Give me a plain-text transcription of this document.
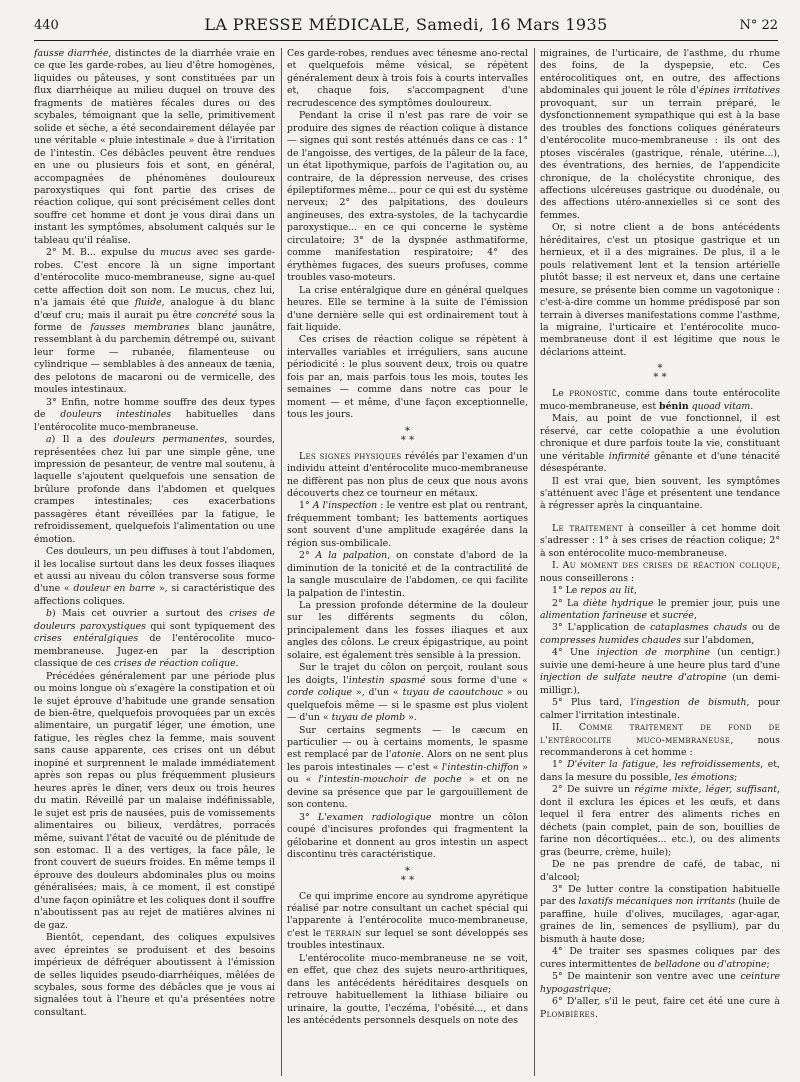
440	LA PRESSE MÉDICALE, Samedi, 16 Mars 1935	N° 22

fausse diarrhée, distinctes de la diarrhée vraie en ce que les garde-robes, au lieu d'être homogènes, liquides ou pâteuses, y sont constituées par un flux diarrhéique au milieu duquel on trouve des fragments de matières fécales dures ou des scybales, témoignant que la selle, primitivement solide et sèche, a été secondairement délayée par une véritable « pluie intestinale » due à l'irritation de l'intestin. Ces débâcles peuvent être rendues en une ou plusieurs fois et sont, en général, accompagnées de phénomènes douloureux paroxystiques qui font partie des crises de réaction colique, qui sont précisément celles dont souffre cet homme et dont je vous dirai dans un instant les symptômes, absolument calqués sur le tableau qu'il réalise.

2° M. B... expulse du mucus avec ses garde-robes. C'est encore là un signe important d'entérocolite muco-membraneuse, signe au-quel cette affection doit son nom. Le mucus, chez lui, n'a jamais été que fluide, analogue à du blanc d'œuf cru; mais il aurait pu être concrété sous la forme de fausses membranes blanc jaunâtre, ressemblant à du parchemin détrempé ou, suivant leur forme — rubanée, filamenteuse ou cylindrique — semblables à des anneaux de tænia, des pelotons de macaroni ou de vermicelle, des moules intestinaux.

3° Enfin, notre homme souffre des deux types de douleurs intestinales habituelles dans l'entérocolite muco-membraneuse.

a) Il a des douleurs permanentes, sourdes, représentées chez lui par une simple gêne, une impression de pesanteur, de ventre mal soutenu, à laquelle s'ajoutent quelquefois une sensation de brûlure profonde dans l'abdomen et quelques crampes intestinales; ces exacerbations passagères étant réveillées par la fatigue, le refroidissement, quelquefois l'alimentation ou une émotion.

Ces douleurs, un peu diffuses à tout l'abdomen, il les localise surtout dans les deux fosses iliaques et aussi au niveau du côlon transverse sous forme d'une « douleur en barre », si caractéristique des affections coliques.

b) Mais cet ouvrier a surtout des crises de douleurs paroxystiques qui sont typiquement des crises entéralgiques de l'entérocolite muco-membraneuse. Jugez-en par la description classique de ces crises de réaction colique.

Précédées généralement par une période plus ou moins longue où s'exagère la constipation et où le sujet éprouve d'habitude une grande sensation de bien-être, quelquefois provoquées par un excès alimentaire, un purgatif léger, une émotion, une fatigue, les règles chez la femme, mais souvent sans cause apparente, ces crises ont un début inopiné et surprennent le malade immédiatement après son repas ou plus fréquemment plusieurs heures après le dîner, vers deux ou trois heures du matin. Réveillé par un malaise indéfinissable, le sujet est pris de nausées, puis de vomissements alimentaires ou bilieux, verdâtres, porracés même, suivant l'état de vacuité ou de plénitude de son estomac. Il a des vertiges, la face pâle, le front couvert de sueurs froides. En même temps il éprouve des douleurs abdominales plus ou moins généralisées; mais, à ce moment, il est constipé d'une façon opiniâtre et les coliques dont il souffre n'aboutissent pas au rejet de matières alvines ni de gaz.

Bientôt, cependant, des coliques expulsives avec épreintes se produisent et des besoins impérieux de défréquer aboutissent à l'émission de selles liquides pseudo-diarrhéiques, mêlées de scybales, sous forme des débâcles que je vous ai signalées tout à l'heure et qu'a présentées notre consultant.

Ces garde-robes, rendues avec ténesme ano-rectal et quelquefois même vésical, se répètent généralement deux à trois fois à courts intervalles et, chaque fois, s'accompagnent d'une recrudescence des symptômes douloureux.

Pendant la crise il n'est pas rare de voir se produire des signes de réaction colique à distance — signes qui sont restés atténués dans ce cas : 1° de l'angoisse, des vertiges, de la pâleur de la face, un état lipothymique, parfois de l'agitation ou, au contraire, de la dépression nerveuse, des crises épileptiformes même... pour ce qui est du système nerveux; 2° des palpitations, des douleurs angineuses, des extra-systoles, de la tachycardie paroxystique... en ce qui concerne le système circulatoire; 3° de la dyspnée asthmatiforme, comme manifestation respiratoire; 4° des érythèmes fugaces, des sueurs profuses, comme troubles vaso-moteurs.

La crise entéralgique dure en général quelques heures. Elle se termine à la suite de l'émission d'une dernière selle qui est ordinairement tout à fait liquide.

Ces crises de réaction colique se répètent à intervalles variables et irréguliers, sans aucune périodicité : le plus souvent deux, trois ou quatre fois par an, mais parfois tous les mois, toutes les semaines — comme dans notre cas pour le moment — et même, d'une façon exceptionnelle, tous les jours.

*
* *

Les signes physiques révélés par l'examen d'un individu atteint d'entérocolite muco-membraneuse ne diffèrent pas non plus de ceux que nous avons découverts chez ce tourneur en métaux.

1° A l'inspection : le ventre est plat ou rentrant, fréquemment tombant; les battements aortiques sont souvent d'une amplitude exagérée dans la région sus-ombilicale.

2° A la palpation, on constate d'abord de la diminution de la tonicité et de la contractilité de la sangle musculaire de l'abdomen, ce qui facilite la palpation de l'intestin.

La pression profonde détermine de la douleur sur les différents segments du côlon, principalement dans les fosses iliaques et aux angles des côlons. Le creux épigastrique, au point solaire, est également très sensible à la pression.

Sur le trajet du côlon on perçoit, roulant sous les doigts, l'intestin spasmé sous forme d'une « corde colique », d'un « tuyau de caoutchouc » ou quelquefois même — si le spasme est plus violent — d'un « tuyau de plomb ».

Sur certains segments — le cæcum en particulier — ou à certains moments, le spasme est remplacé par de l'atonie. Alors on ne sent plus les parois intestinales — c'est « l'intestin-chiffon » ou « l'intestin-mouchoir de poche » et on ne devine sa présence que par le gargouillement de son contenu.

3° L'examen radiologique montre un côlon coupé d'incisures profondes qui fragmentent la gélobarine et donnent au gros intestin un aspect discontinu très caractéristique.

*
* *

Ce qui imprime encore au syndrome apyrétique réalisé par notre consultant un cachet spécial qui l'apparente à l'entérocolite muco-membraneuse, c'est le terrain sur lequel se sont développés ses troubles intestinaux.

L'entérocolite muco-membraneuse ne se voit, en effet, que chez des sujets neuro-arthritiques, dans les antécédents héréditaires desquels on retrouve habituellement la lithiase biliaire ou urinaire, la goutte, l'eczéma, l'obésité..., et dans les antécédents personnels desquels on note des

migraines, de l'urticaire, de l'asthme, du rhume des foins, de la dyspepsie, etc. Ces entérocolitiques ont, en outre, des affections abdominales qui jouent le rôle d'épines irritatives provoquant, sur un terrain préparé, le dysfonctionnement sympathique qui est à la base des troubles des fonctions coliques générateurs d'entérocolite muco-membraneuse : ils ont des ptoses viscérales (gastrique, rénale, utérine...), des éventrations, des hernies, de l'appendicite chronique, de la cholécystite chronique, des affections ulcéreuses gastrique ou duodénale, ou des affections utéro-annexielles si ce sont des femmes.

Or, si notre client a de bons antécédents héréditaires, c'est un ptosique gastrique et un hernieux, et il a des migraines. De plus, il a le pouls relativement lent et la tension artérielle plutôt basse; il est nerveux et, dans une certaine mesure, se présente bien comme un vagotonique : c'est-à-dire comme un homme prédisposé par son terrain à diverses manifestations comme l'asthme, la migraine, l'urticaire et l'entérocolite muco-membraneuse dont il est légitime que nous le déclarions atteint.

*
* *

Le pronostic, comme dans toute entérocolite muco-membraneuse, est bénin quoad vitam.

Mais, au point de vue fonctionnel, il est réservé, car cette colopathie a une évolution chronique et dure parfois toute la vie, constituant une véritable infirmité gênante et d'une ténacité désespérante.

Il est vrai que, bien souvent, les symptômes s'atténuent avec l'âge et présentent une tendance à régresser après la cinquantaine.

Le traitement à conseiller à cet homme doit s'adresser : 1° à ses crises de réaction colique; 2° à son entérocolite muco-membraneuse.

I. Au moment des crises de réaction colique, nous conseillerons :

1° Le repos au lit,

2° La diète hydrique le premier jour, puis une alimentation farineuse et sucrée,

3° L'application de cataplasmes chauds ou de compresses humides chaudes sur l'abdomen,

4° Une injection de morphine (un centigr.) suivie une demi-heure à une heure plus tard d'une injection de sulfate neutre d'atropine (un demi-milligr.),

5° Plus tard, l'ingestion de bismuth, pour calmer l'irritation intestinale.

II. Comme traitement de fond de l'entérocolite muco-membraneuse, nous recommanderons à cet homme :

1° D'éviter la fatigue, les refroidissements, et, dans la mesure du possible, les émotions;

2° De suivre un régime mixte, léger, suffisant, dont il exclura les épices et les œufs, et dans lequel il fera entrer des aliments riches en déchets (pain complet, pain de son, bouillies de farine non décortiquées... etc.), ou des aliments gras (beurre, crème, huile);

De ne pas prendre de café, de tabac, ni d'alcool;

3° De lutter contre la constipation habituelle par des laxatifs mécaniques non irritants (huile de paraffine, huile d'olives, mucilages, agar-agar, graines de lin, semences de psyllium), par du bismuth à haute dose;

4° De traiter ses spasmes coliques par des cures intermittentes de belladone ou d'atropine;

5° De maintenir son ventre avec une ceinture hypogastrique;

6° D'aller, s'il le peut, faire cet été une cure à Plombières.
